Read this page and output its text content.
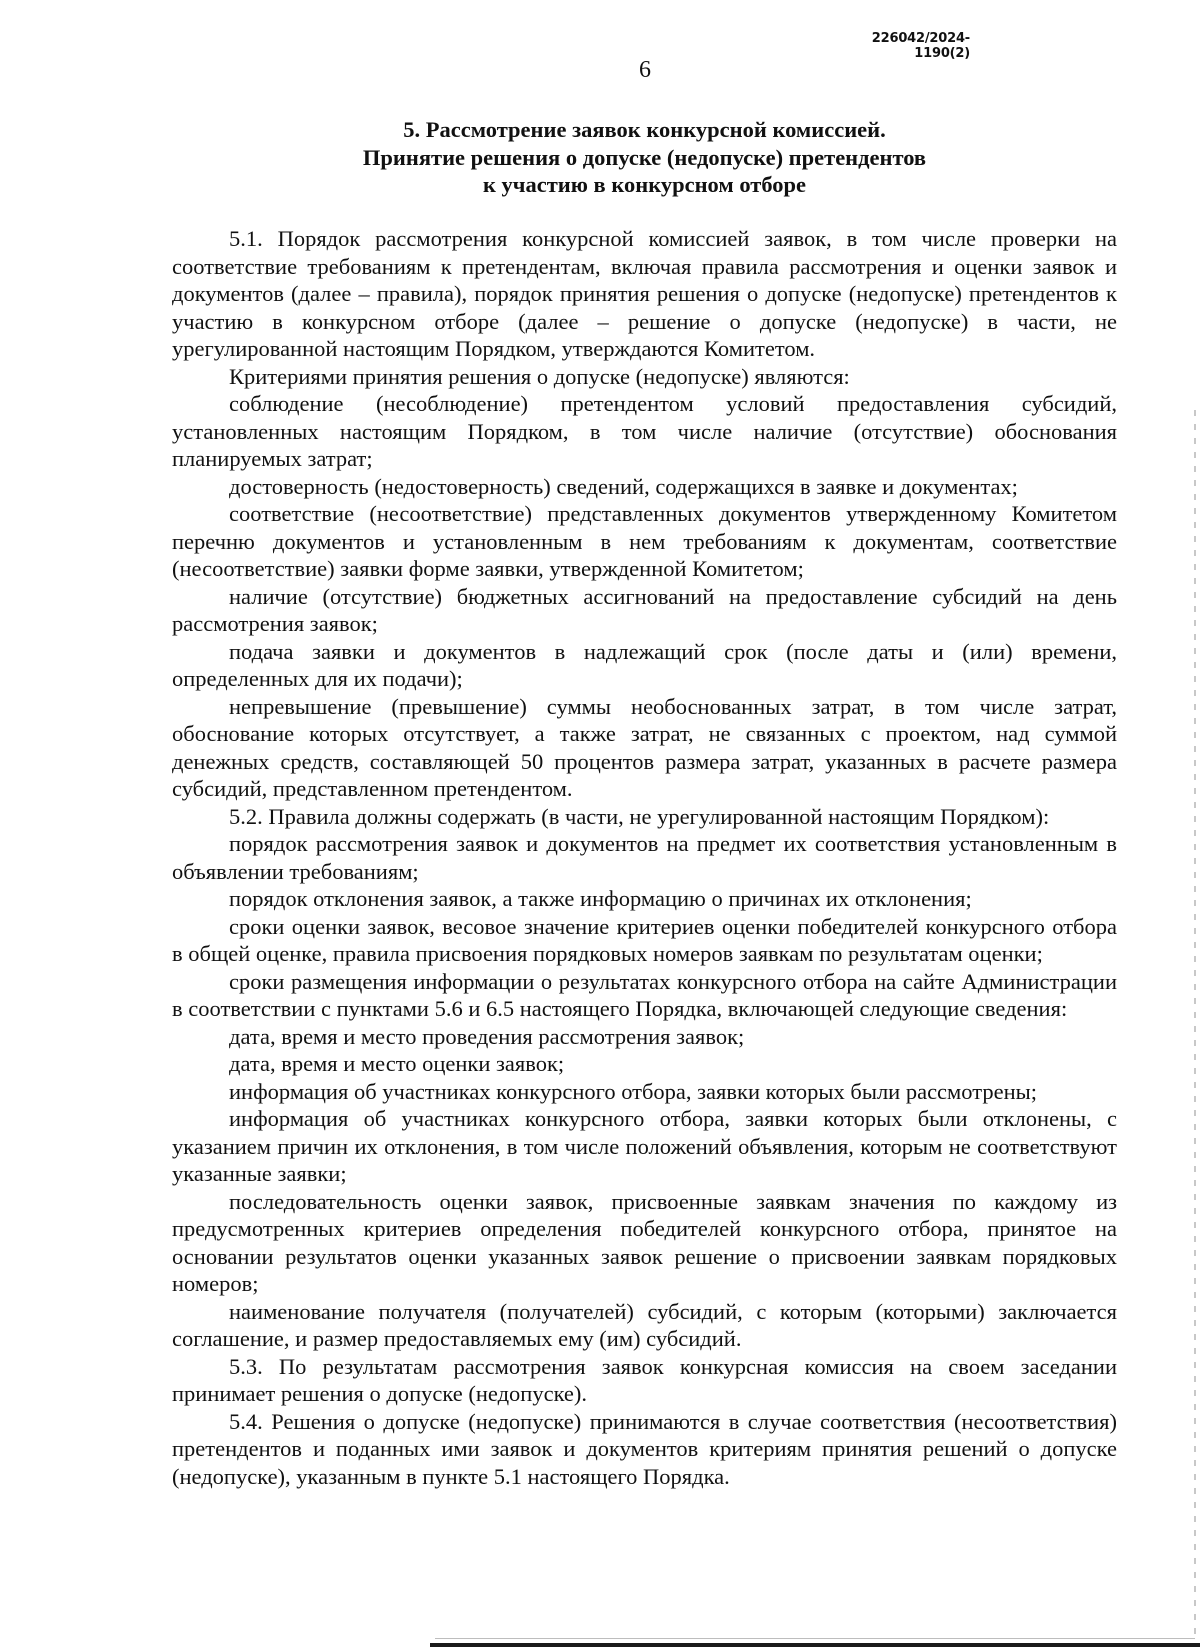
226042/2024-1190(2)
6
5. Рассмотрение заявок конкурсной комиссией.
Принятие решения о допуске (недопуске) претендентов
к участию в конкурсном отборе

5.1. Порядок рассмотрения конкурсной комиссией заявок, в том числе проверки на соответствие требованиям к претендентам, включая правила рассмотрения и оценки заявок и документов (далее – правила), порядок принятия решения о допуске (недопуске) претендентов к участию в конкурсном отборе (далее – решение о допуске (недопуске) в части, не урегулированной настоящим Порядком, утверждаются Комитетом.

Критериями принятия решения о допуске (недопуске) являются:

соблюдение (несоблюдение) претендентом условий предоставления субсидий, установленных настоящим Порядком, в том числе наличие (отсутствие) обоснования планируемых затрат;

достоверность (недостоверность) сведений, содержащихся в заявке и документах;

соответствие (несоответствие) представленных документов утвержденному Комитетом перечню документов и установленным в нем требованиям к документам, соответствие (несоответствие) заявки форме заявки, утвержденной Комитетом;

наличие (отсутствие) бюджетных ассигнований на предоставление субсидий на день рассмотрения заявок;

подача заявки и документов в надлежащий срок (после даты и (или) времени, определенных для их подачи);

непревышение (превышение) суммы необоснованных затрат, в том числе затрат, обоснование которых отсутствует, а также затрат, не связанных с проектом, над суммой денежных средств, составляющей 50 процентов размера затрат, указанных в расчете размера субсидий, представленном претендентом.

5.2. Правила должны содержать (в части, не урегулированной настоящим Порядком):

порядок рассмотрения заявок и документов на предмет их соответствия установленным в объявлении требованиям;

порядок отклонения заявок, а также информацию о причинах их отклонения;

сроки оценки заявок, весовое значение критериев оценки победителей конкурсного отбора в общей оценке, правила присвоения порядковых номеров заявкам по результатам оценки;

сроки размещения информации о результатах конкурсного отбора на сайте Администрации в соответствии с пунктами 5.6 и 6.5 настоящего Порядка, включающей следующие сведения:

дата, время и место проведения рассмотрения заявок;

дата, время и место оценки заявок;

информация об участниках конкурсного отбора, заявки которых были рассмотрены;

информация об участниках конкурсного отбора, заявки которых были отклонены, с указанием причин их отклонения, в том числе положений объявления, которым не соответствуют указанные заявки;

последовательность оценки заявок, присвоенные заявкам значения по каждому из предусмотренных критериев определения победителей конкурсного отбора, принятое на основании результатов оценки указанных заявок решение о присвоении заявкам порядковых номеров;

наименование получателя (получателей) субсидий, с которым (которыми) заключается соглашение, и размер предоставляемых ему (им) субсидий.

5.3. По результатам рассмотрения заявок конкурсная комиссия на своем заседании принимает решения о допуске (недопуске).

5.4. Решения о допуске (недопуске) принимаются в случае соответствия (несоответствия) претендентов и поданных ими заявок и документов критериям принятия решений о допуске (недопуске), указанным в пункте 5.1 настоящего Порядка.
